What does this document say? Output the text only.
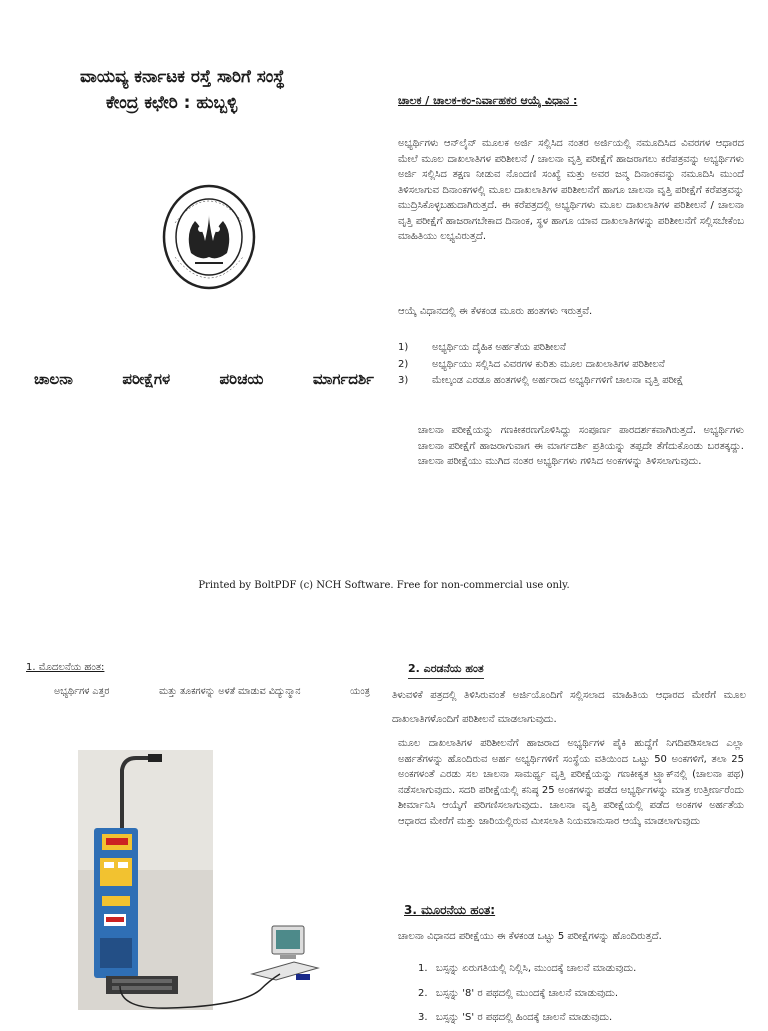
ವಾಯವ್ಯ ಕರ್ನಾಟಕ ರಸ್ತೆ ಸಾರಿಗೆ ಸಂಸ್ಥೆ
ಕೇಂದ್ರ ಕಛೇರಿ : ಹುಬ್ಬಳ್ಳಿ	ಚಾಲಕ / ಚಾಲಕ-ಕಂ-ನಿರ್ವಾಹಕರ ಆಯ್ಕೆ ವಿಧಾನ :
ಅಭ್ಯರ್ಥಿಗಳು ಆನ್‌ಲೈನ್ ಮೂಲಕ ಅರ್ಜಿ ಸಲ್ಲಿಸಿದ ನಂತರ ಅರ್ಜಿಯಲ್ಲಿ ನಮೂದಿಸಿದ ವಿವರಗಳ ಆಧಾರದ ಮೇಲೆ ಮೂಲ ದಾಖಲಾತಿಗಳ ಪರಿಶೀಲನೆ / ಚಾಲನಾ ವೃತ್ತಿ ಪರೀಕ್ಷೆಗೆ ಹಾಜರಾಗಲು ಕರೆಪತ್ರವನ್ನು ಅಭ್ಯರ್ಥಿಗಳು ಅರ್ಜಿ ಸಲ್ಲಿಸಿದ ತಕ್ಷಣ ನೀಡುವ ನೊಂದಣಿ ಸಂಖ್ಯೆ ಮತ್ತು ಅವರ ಜನ್ಮ ದಿನಾಂಕವನ್ನು ನಮೂದಿಸಿ ಮುಂದೆ ತಿಳಿಸಲಾಗುವ ದಿನಾಂಕಗಳಲ್ಲಿ ಮೂಲ ದಾಖಲಾತಿಗಳ ಪರಿಶೀಲನೆಗೆ ಹಾಗೂ ಚಾಲನಾ ವೃತ್ತಿ ಪರೀಕ್ಷೆಗೆ ಕರೆಪತ್ರವನ್ನು ಮುದ್ರಿಸಿಕೊಳ್ಳಬಹುದಾಗಿರುತ್ತದೆ. ಈ ಕರೆಪತ್ರದಲ್ಲಿ ಅಭ್ಯರ್ಥಿಗಳು ಮೂಲ ದಾಖಲಾತಿಗಳ ಪರಿಶೀಲನೆ / ಚಾಲನಾ ವೃತ್ತಿ ಪರೀಕ್ಷೆಗೆ ಹಾಜರಾಗಬೇಕಾದ ದಿನಾಂಕ, ಸ್ಥಳ ಹಾಗೂ ಯಾವ ದಾಖಲಾತಿಗಳನ್ನು ಪರಿಶೀಲನೆಗೆ ಸಲ್ಲಿಸಬೇಕೆಂಬ ಮಾಹಿತಿಯು ಲಭ್ಯವಿರುತ್ತದೆ.
ಆಯ್ಕೆ ವಿಧಾನದಲ್ಲಿ ಈ ಕೆಳಕಂಡ ಮೂರು ಹಂತಗಳು ಇರುತ್ತವೆ.
1)	ಅಭ್ಯರ್ಥಿಯ ದೈಹಿಕ ಅರ್ಹತೆಯ ಪರಿಶೀಲನೆ
2)	ಅಭ್ಯರ್ಥಿಯು ಸಲ್ಲಿಸಿದ ವಿವರಗಳ ಕುರಿತು ಮೂಲ ದಾಖಲಾತಿಗಳ ಪರಿಶೀಲನೆ
3)	ಮೇಲ್ಕಂಡ ಎರಡೂ ಹಂತಗಳಲ್ಲಿ ಅರ್ಹರಾದ ಅಭ್ಯರ್ಥಿಗಳಿಗೆ ಚಾಲನಾ ವೃತ್ತಿ ಪರೀಕ್ಷೆ
ಚಾಲನಾ ಪರೀಕ್ಷೆಯನ್ನು ಗಣಕೀಕರಣಗೊಳಿಸಿದ್ದು ಸಂಪೂರ್ಣ ಪಾರದರ್ಶಕವಾಗಿರುತ್ತದೆ. ಅಭ್ಯರ್ಥಿಗಳು ಚಾಲನಾ ಪರೀಕ್ಷೆಗೆ ಹಾಜರಾಗುವಾಗ ಈ ಮಾರ್ಗದರ್ಶಿ ಪ್ರತಿಯನ್ನು ತಪ್ಪದೇ ತೆಗೆದುಕೊಂಡು ಬರತಕ್ಕದ್ದು. ಚಾಲನಾ ಪರೀಕ್ಷೆಯು ಮುಗಿದ ನಂತರ ಅಭ್ಯರ್ಥಿಗಳು ಗಳಿಸಿದ ಅಂಕಗಳನ್ನು ತಿಳಿಸಲಾಗುವುದು.
ಚಾಲನಾ	ಪರೀಕ್ಷೆಗಳ	ಪರಿಚಯ	ಮಾರ್ಗದರ್ಶಿ
Printed by BoltPDF (c) NCH Software. Free for non-commercial use only.
1. ಮೊದಲನೆಯ ಹಂತ:
ಅಭ್ಯರ್ಥಿಗಳ ಎತ್ತರ	ಮತ್ತು ತೂಕಗಳನ್ನು ಅಳತೆ ಮಾಡುವ ವಿದ್ಯುನ್ಮಾನ	ಯಂತ್ರ
2. ಎರಡನೆಯ ಹಂತ
ತಿಳುವಳಿಕೆ ಪತ್ರದಲ್ಲಿ ತಿಳಿಸಿರುವಂತೆ ಅರ್ಜಿಯೊಂದಿಗೆ ಸಲ್ಲಿಸಲಾದ ಮಾಹಿತಿಯ ಆಧಾರದ ಮೇರೆಗೆ ಮೂಲ ದಾಖಲಾತಿಗಳೊಂದಿಗೆ ಪರಿಶೀಲನೆ ಮಾಡಲಾಗುವುದು.
ಮೂಲ ದಾಖಲಾತಿಗಳ ಪರಿಶೀಲನೆಗೆ ಹಾಜರಾದ ಅಭ್ಯರ್ಥಿಗಳ ಪೈಕಿ ಹುದ್ದೆಗೆ ನಿಗದಿಪಡಿಸಲಾದ ಎಲ್ಲಾ ಅರ್ಹತೆಗಳನ್ನು ಹೊಂದಿರುವ ಅರ್ಹ ಅಭ್ಯರ್ಥಿಗಳಿಗೆ ಸಂಸ್ಥೆಯ ವತಿಯಿಂದ ಒಟ್ಟು 50 ಅಂಕಗಳಿಗೆ, ತಲಾ 25 ಅಂಕಗಳಂತೆ ಎರಡು ಸಲ ಚಾಲನಾ ಸಾಮರ್ಥ್ಯ ವೃತ್ತಿ ಪರೀಕ್ಷೆಯನ್ನು ಗಣಕೀಕೃತ ಟ್ರ್ಯಾಕ್‌ನಲ್ಲಿ (ಚಾಲನಾ ಪಥ) ನಡೆಸಲಾಗುವುದು. ಸದರಿ ಪರೀಕ್ಷೆಯಲ್ಲಿ ಕನಿಷ್ಠ 25 ಅಂಕಗಳನ್ನು ಪಡೆದ ಅಭ್ಯರ್ಥಿಗಳನ್ನು ಮಾತ್ರ ಉತ್ತೀರ್ಣರೆಂದು ಶೀರ್ಮಾನಿಸಿ ಆಯ್ಕೆಗೆ ಪರಿಗಣಿಸಲಾಗುವುದು. ಚಾಲನಾ ವೃತ್ತಿ ಪರೀಕ್ಷೆಯಲ್ಲಿ ಪಡೆದ ಅಂಕಗಳ ಅರ್ಹತೆಯ ಆಧಾರದ ಮೇರೆಗೆ ಮತ್ತು ಜಾರಿಯಲ್ಲಿರುವ ಮೀಸಲಾತಿ ನಿಯಮಾನುಸಾರ ಆಯ್ಕೆ ಮಾಡಲಾಗುವುದು
3. ಮೂರನೆಯ ಹಂತ:
ಚಾಲನಾ ವಿಧಾನದ ಪರೀಕ್ಷೆಯು ಈ ಕೆಳಕಂಡ ಒಟ್ಟು 5 ಪರೀಕ್ಷೆಗಳನ್ನು ಹೊಂದಿರುತ್ತದೆ.
1. ಬಸ್ಸನ್ನು ಏರುಗತಿಯಲ್ಲಿ ನಿಲ್ಲಿಸಿ, ಮುಂದಕ್ಕೆ ಚಾಲನೆ ಮಾಡುವುದು.
2. ಬಸ್ಸನ್ನು '8' ರ ಪಥದಲ್ಲಿ ಮುಂದಕ್ಕೆ ಚಾಲನೆ ಮಾಡುವುದು.
3. ಬಸ್ಸನ್ನು 'S' ರ ಪಥದಲ್ಲಿ ಹಿಂದಕ್ಕೆ ಚಾಲನೆ ಮಾಡುವುದು.
